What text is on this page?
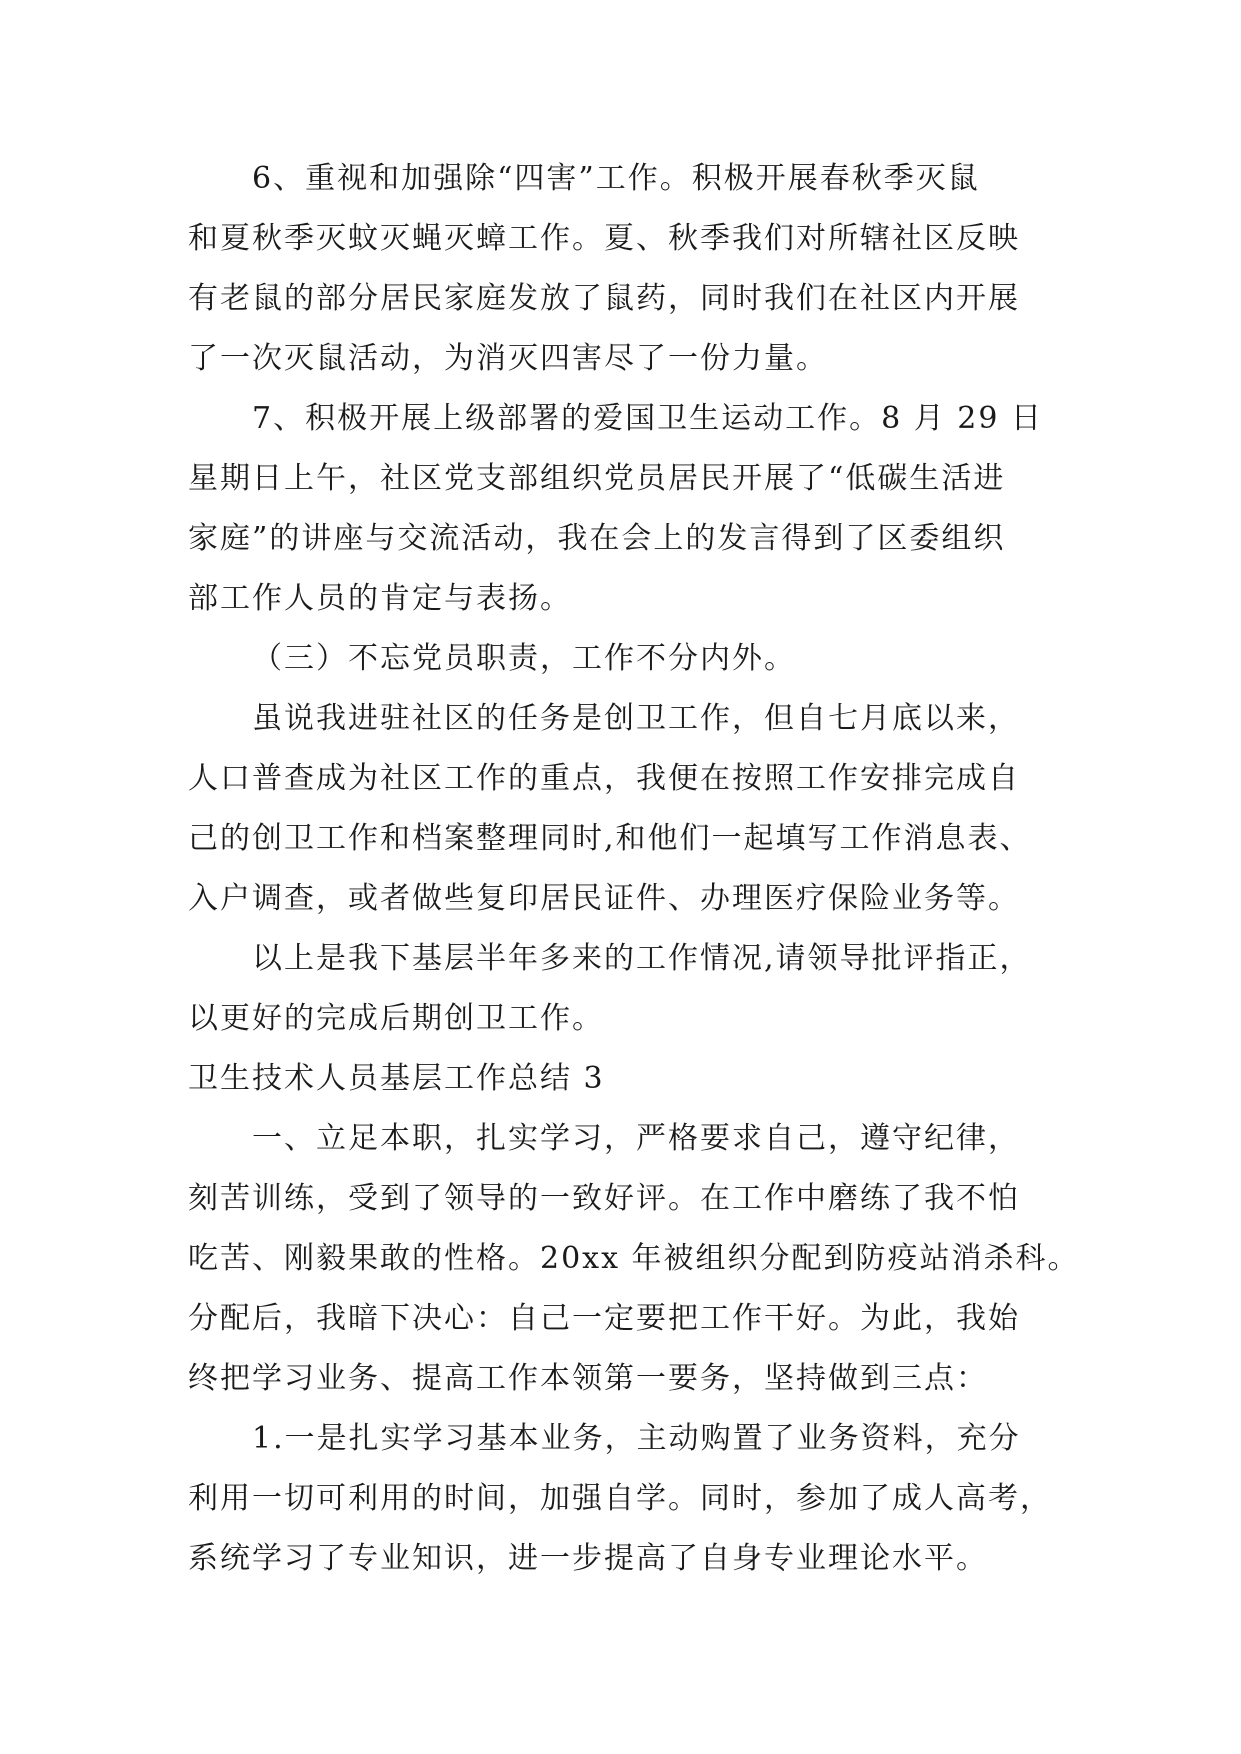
6、重视和加强除“四害”工作。积极开展春秋季灭鼠
和夏秋季灭蚊灭蝇灭蟑工作。夏、秋季我们对所辖社区反映
有老鼠的部分居民家庭发放了鼠药，同时我们在社区内开展
了一次灭鼠活动，为消灭四害尽了一份力量。
7、积极开展上级部署的爱国卫生运动工作。8 月 29 日
星期日上午，社区党支部组织党员居民开展了“低碳生活进
家庭”的讲座与交流活动，我在会上的发言得到了区委组织
部工作人员的肯定与表扬。
（三）不忘党员职责，工作不分内外。
虽说我进驻社区的任务是创卫工作，但自七月底以来，
人口普查成为社区工作的重点，我便在按照工作安排完成自
己的创卫工作和档案整理同时,和他们一起填写工作消息表、
入户调查，或者做些复印居民证件、办理医疗保险业务等。
以上是我下基层半年多来的工作情况,请领导批评指正，
以更好的完成后期创卫工作。
卫生技术人员基层工作总结 3
一、立足本职，扎实学习，严格要求自己，遵守纪律，
刻苦训练，受到了领导的一致好评。在工作中磨练了我不怕
吃苦、刚毅果敢的性格。20xx 年被组织分配到防疫站消杀科。
分配后，我暗下决心：自己一定要把工作干好。为此，我始
终把学习业务、提高工作本领第一要务，坚持做到三点：
1.一是扎实学习基本业务，主动购置了业务资料，充分
利用一切可利用的时间，加强自学。同时，参加了成人高考，
系统学习了专业知识，进一步提高了自身专业理论水平。
